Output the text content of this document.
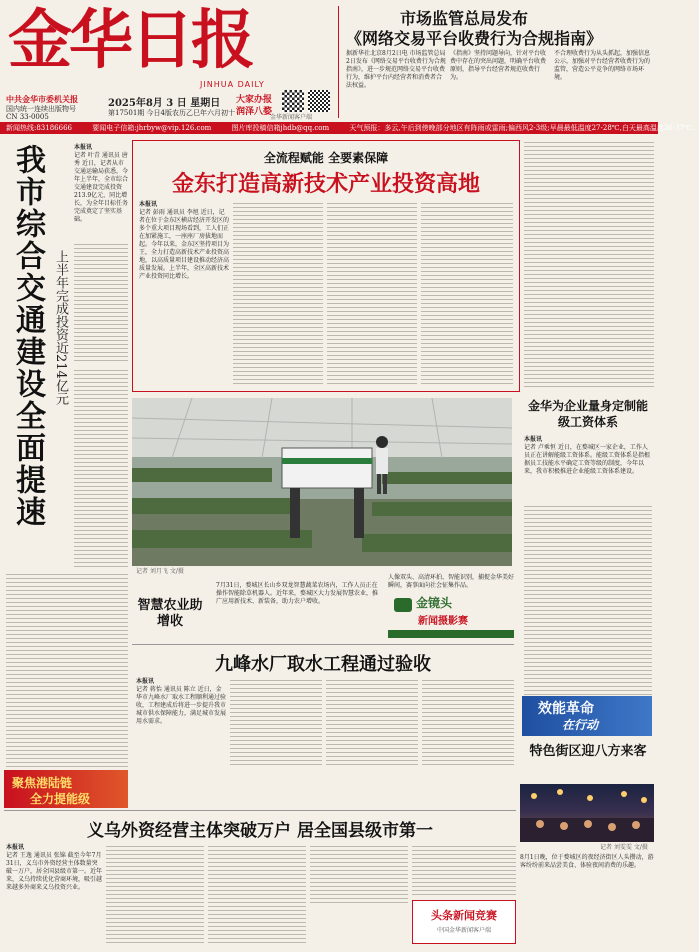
金华日报
JINHUA DAILY
中共金华市委机关报
国内统一连续出版物号
CN 33-0005
2025年8月 3 日 星期日
第17501期 今日4版 农历乙巳年六月初十
大家办报
润泽八婺
金华新闻客户端
市场监管总局发布
《网络交易平台收费行为合规指南》
据新华社北京8月2日电 市场监管总局2日发布《网络交易平台收费行为合规指南》，进一步规范网络交易平台收费行为，维护平台内经营者和消费者合法权益。
《指南》坚持问题导向，针对平台收费中存在的突出问题，明确平台收费原则，指导平台经营者规范收费行为。
不合理收费行为从头抓起，加强信息公示，加强对平台经营者收费行为的监管，营造公平竞争的网络市场环境。
新闻热线:83186666	要闻电子信箱:jhrbyw@vip.126.com	图片库投稿信箱jhdb@qq.com	天气预报：多云,午后到傍晚部分地区有阵雨或雷雨;偏西风2-3级;早晨最低温度27-28℃,白天最高温度36-37℃。
我市综合交通建设全面提速 上半年完成投资近214亿元
本报讯
记者 叶青 通讯员 唐秀 近日，记者从市交通运输局获悉，今年上半年，全市综合交通建设完成投资213.9亿元，同比增长，为全年目标任务完成奠定了坚实基础。
全流程赋能 全要素保障
金东打造高新技术产业投资高地
本报讯
记者 彭雨 通讯员 李旭 近日，记者在位于金东区横店经济开发区的多个重大项目现场看到，工人们正在加紧施工，一座座厂房拔地而起。今年以来，金东区坚持项目为王，全力打造高新技术产业投资高地，以高质量项目建设推动经济高质量发展。上半年，全区高新技术产业投资同比增长。
记者 刘月飞 文/摄
智慧农业助增收
7月31日，婺城区长山乡双龙智慧蔬菜农场内，工作人员正在操作智能除草机器人。近年来，婺城区大力发展智慧农业，推广应用新技术、新装备，助力农户增收。
人像双头、高清环拍、智能识别，捕捉金华美好瞬间，赛事面向社会征集作品。
金镜头
新闻摄影赛
九峰水厂取水工程通过验收
本报讯
记者 蒋怡 通讯员 陈立 近日，金华市九峰水厂取水工程顺利通过验收，工程建成后将进一步提升我市城市供水保障能力，满足城市发展用水需求。
聚焦港陆链
全力提能级
金华为企业量身定制能级工资体系
本报讯
记者 卢乘恒 近日，在婺城区一家企业，工作人员正在讲解能级工资体系。能级工资体系是指根据员工技能水平确定工资等级的制度，今年以来，我市积极推进企业能级工资体系建设。
效能革命
在行动
特色街区迎八方来客
记者 刘雯雯 文/摄
8月1日晚，位于婺城区的夜经济街区人头攒动，游客纷纷前来品尝美食、体验夜间消费的乐趣。
义乌外资经营主体突破万户 居全国县级市第一
本报讯
记者 王逸 通讯员 张锦 截至今年7月31日，义乌市外资经营主体数量突破一万户，居全国县级市第一。近年来，义乌持续优化营商环境，吸引越来越多外商来义乌投资兴业。
头条新闻竞赛
中国金华新闻客户端
